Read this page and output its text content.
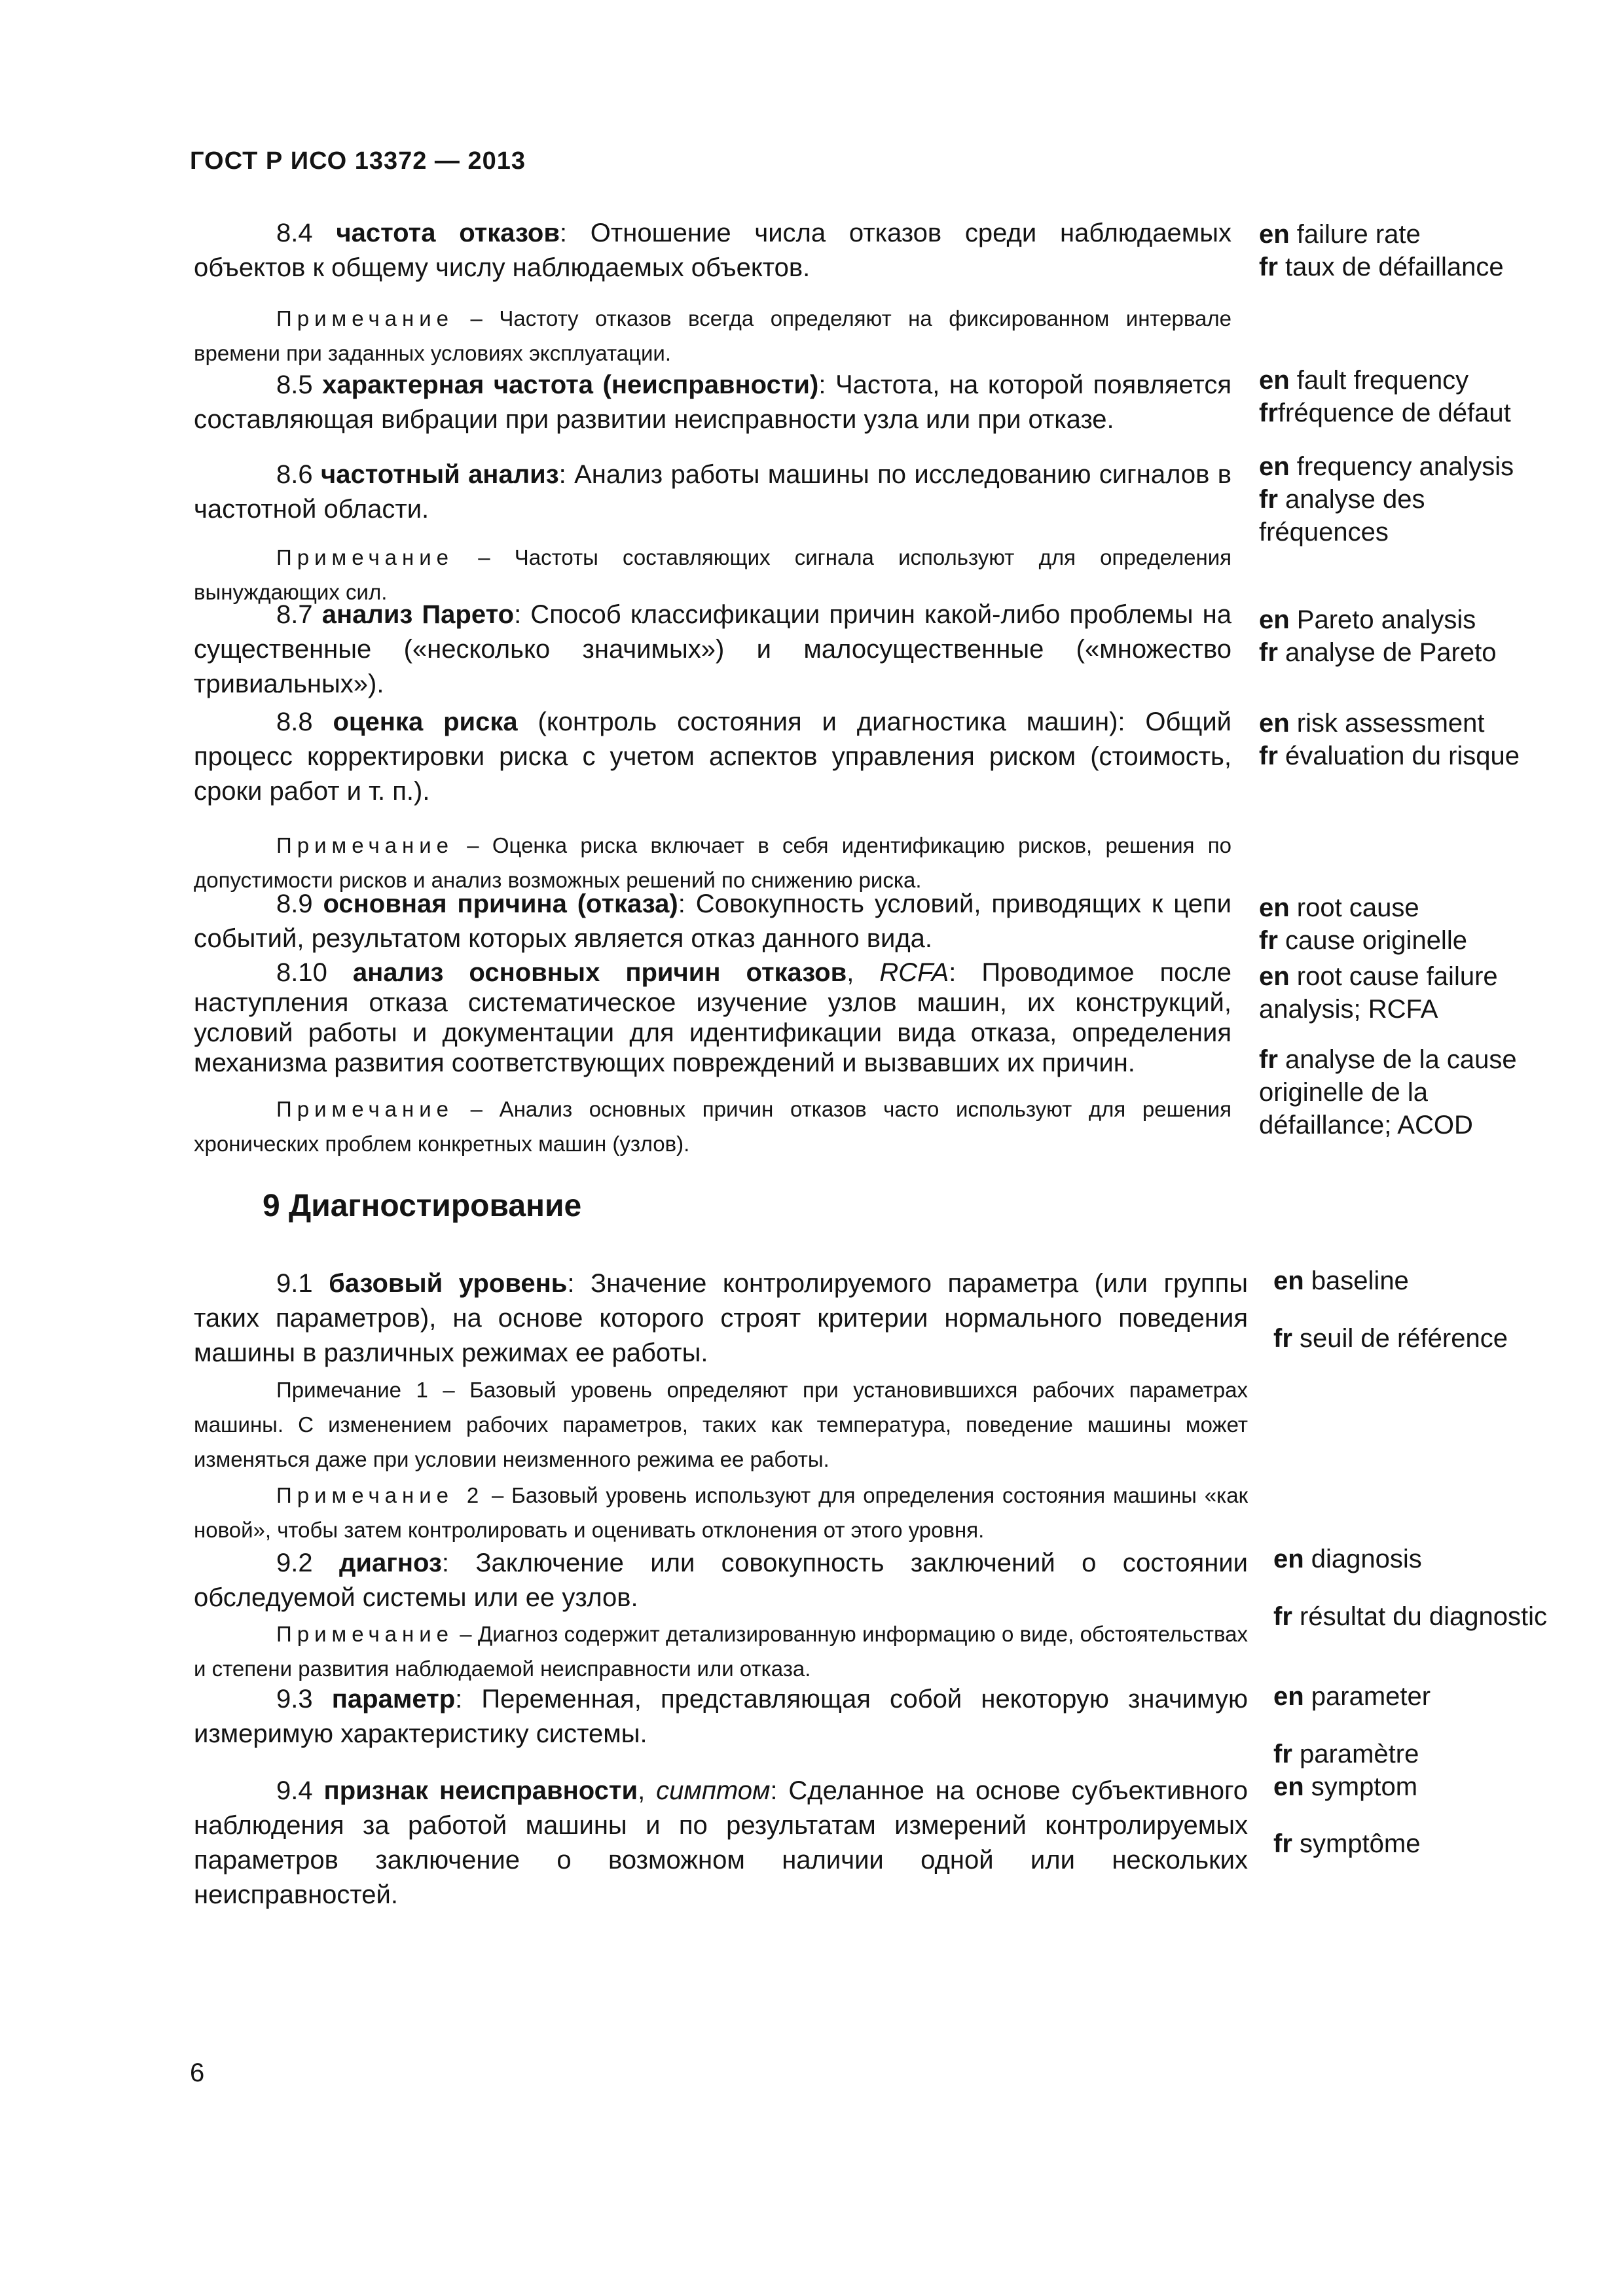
ГОСТ Р ИСО 13372 — 2013

8.4 частота отказов: Отношение числа отказов среди наблюдаемых объектов к общему числу наблюдаемых объектов.

Примечание – Частоту отказов всегда определяют на фиксированном интервале времени при заданных условиях эксплуатации.

8.5 характерная частота (неисправности): Частота, на которой появляется составляющая вибрации при развитии неисправности узла или при отказе.

8.6 частотный анализ: Анализ работы машины по исследованию сигналов в частотной области.

Примечание – Частоты составляющих сигнала используют для определения вынуждающих сил.

8.7 анализ Парето: Способ классификации причин какой-либо проблемы на существенные («несколько значимых») и малосущественные («множество тривиальных»).

8.8 оценка риска (контроль состояния и диагностика машин): Общий процесс корректировки риска с учетом аспектов управления риском (стоимость, сроки работ и т. п.).

Примечание – Оценка риска включает в себя идентификацию рисков, решения по допустимости рисков и анализ возможных решений по снижению риска.

8.9 основная причина (отказа): Совокупность условий, приводящих к цепи событий, результатом которых является отказ данного вида.

8.10 анализ основных причин отказов, RCFA: Проводимое после наступления отказа систематическое изучение узлов машин, их конструкций, условий работы и документации для идентификации вида отказа, определения механизма развития соответствующих повреждений и вызвавших их причин.

Примечание – Анализ основных причин отказов часто используют для решения хронических проблем конкретных машин (узлов).

en failure rate
fr taux de défaillance

en fault frequency
frfréquence de défaut

en frequency analysis
fr analyse des fréquences

en Pareto analysis
fr analyse de Pareto

en risk assessment
fr évaluation du risque

en root cause
fr cause originelle

en root cause failure analysis; RCFA

fr analyse de la cause originelle de la défaillance; ACOD

9 Диагностирование

9.1 базовый уровень: Значение контролируемого параметра (или группы таких параметров), на основе которого строят критерии нормального поведения машины в различных режимах ее работы.

Примечание 1 – Базовый уровень определяют при установившихся рабочих параметрах машины. С изменением рабочих параметров, таких как температура, поведение машины может изменяться даже при условии неизменного режима ее работы.

Примечание 2 – Базовый уровень используют для определения состояния машины «как новой», чтобы затем контролировать и оценивать отклонения от этого уровня.

9.2 диагноз: Заключение или совокупность заключений о состоянии обследуемой системы или ее узлов.

Примечание – Диагноз содержит детализированную информацию о виде, обстоятельствах и степени развития наблюдаемой неисправности или отказа.

9.3 параметр: Переменная, представляющая собой некоторую значимую измеримую характеристику системы.

9.4 признак неисправности, симптом: Сделанное на основе субъективного наблюдения за работой машины и по результатам измерений контролируемых параметров заключение о возможном наличии одной или нескольких неисправностей.

en baseline

fr seuil de référence

en diagnosis

fr résultat du diagnostic

en parameter

fr paramètre

en symptom

fr symptôme

6
